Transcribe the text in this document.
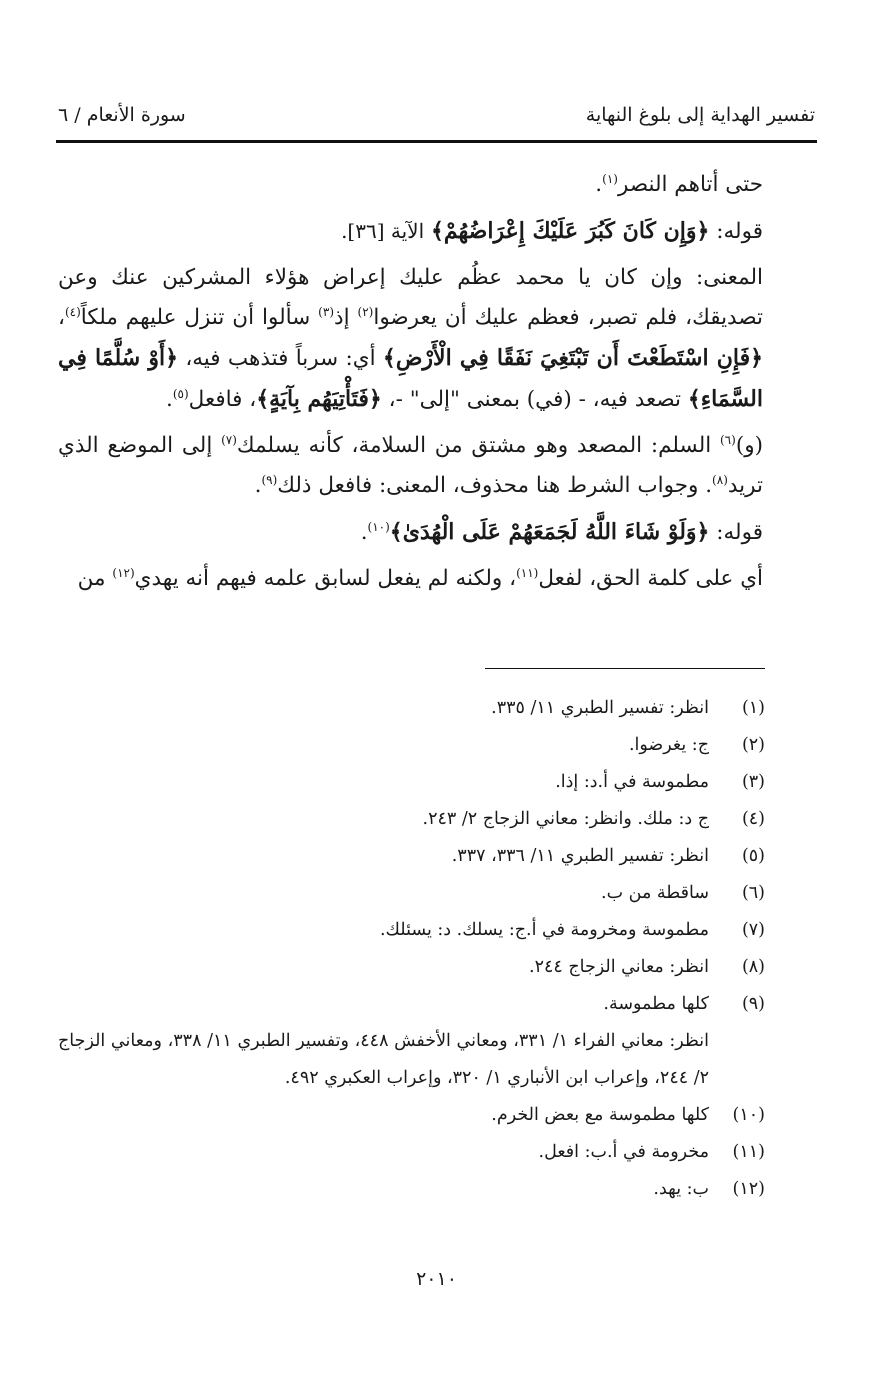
تفسير الهداية إلى بلوغ النهاية
سورة الأنعام / ٦

حتى أتاهم النصر$^{(١)}$.

قوله: ﴿وَإِن كَانَ كَبُرَ عَلَيْكَ إِعْرَاضُهُمْ﴾ الآية [٣٦].

المعنى: وإن كان يا محمد عظُم عليك إعراض هؤلاء المشركين عنك وعن تصديقك، فلم تصبر، فعظم عليك أن يعرضوا$^{(٢)}$ إذ$^{(٣)}$ سألوا أن تنزل عليهم ملكاً$^{(٤)}$، ﴿فَإِنِ اسْتَطَعْتَ أَن تَبْتَغِيَ نَفَقًا فِي الْأَرْضِ﴾ أي: سرباً فتذهب فيه، ﴿أَوْ سُلَّمًا فِي السَّمَاءِ﴾ تصعد فيه، - (في) بمعنى "إلى" -، ﴿فَتَأْتِيَهُم بِآيَةٍ﴾، فافعل$^{(٥)}$.

(و)$^{(٦)}$ السلم: المصعد وهو مشتق من السلامة، كأنه يسلمك$^{(٧)}$ إلى الموضع الذي تريد$^{(٨)}$. وجواب الشرط هنا محذوف، المعنى: فافعل ذلك$^{(٩)}$.

قوله: ﴿وَلَوْ شَاءَ اللَّهُ لَجَمَعَهُمْ عَلَى الْهُدَىٰ﴾$^{(١٠)}$.

أي على كلمة الحق، لفعل$^{(١١)}$، ولكنه لم يفعل لسابق علمه فيهم أنه يهدي$^{(١٢)}$ من

(١)
انظر: تفسير الطبري ١١/ ٣٣٥.
(٢)
ج: يغرضوا.
(٣)
مطموسة في أ.د: إذا.
(٤)
ج د: ملك. وانظر: معاني الزجاج ٢/ ٢٤٣.
(٥)
انظر: تفسير الطبري ١١/ ٣٣٦، ٣٣٧.
(٦)
ساقطة من ب.
(٧)
مطموسة ومخرومة في أ.ج: يسلك. د: يسئلك.
(٨)
انظر: معاني الزجاج ٢٤٤.
(٩)
كلها مطموسة.
انظر: معاني الفراء ١/ ٣٣١، ومعاني الأخفش ٤٤٨، وتفسير الطبري ١١/ ٣٣٨، ومعاني الزجاج ٢/ ٢٤٤، وإعراب ابن الأنباري ١/ ٣٢٠، وإعراب العكبري ٤٩٢.
(١٠)
كلها مطموسة مع بعض الخرم.
(١١)
مخرومة في أ.ب: افعل.
(١٢)
ب: يهد.
٢٠١٠
